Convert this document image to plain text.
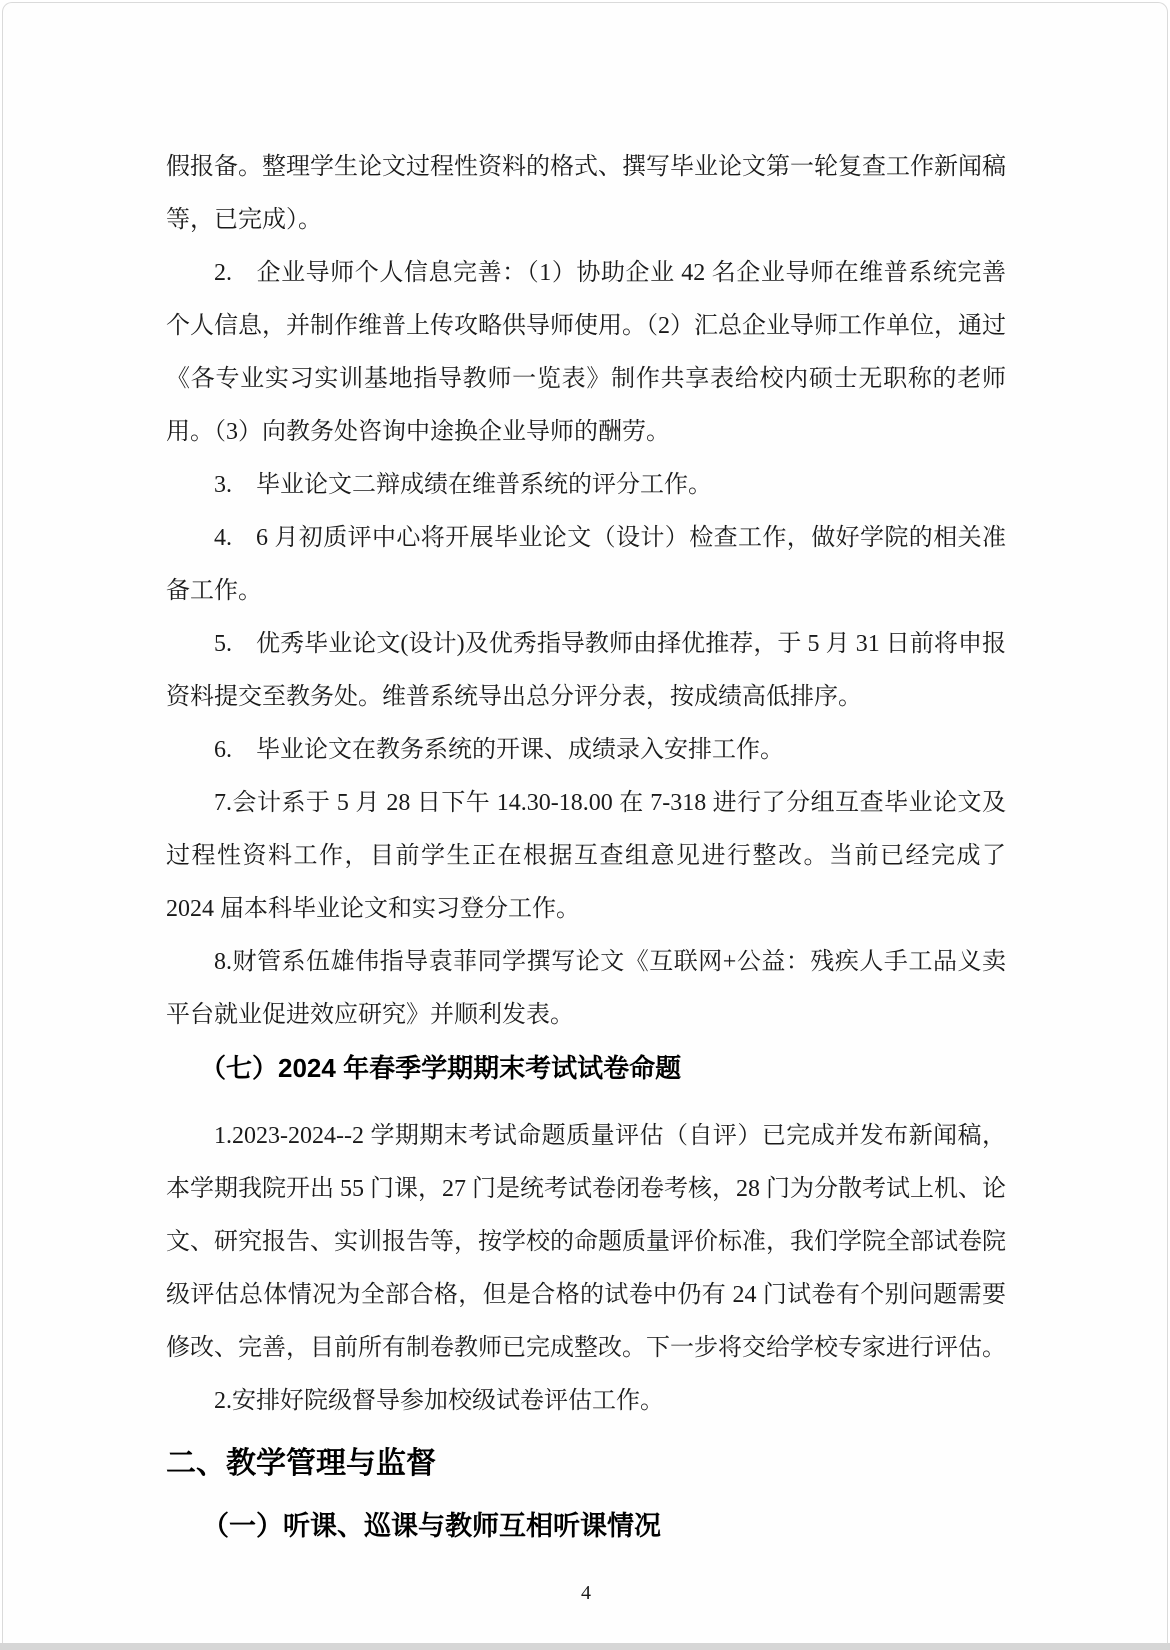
假报备。整理学生论文过程性资料的格式、撰写毕业论文第一轮复查工作新闻稿等，已完成）。

2. 企业导师个人信息完善：（1）协助企业 42 名企业导师在维普系统完善个人信息，并制作维普上传攻略供导师使用。（2）汇总企业导师工作单位，通过《各专业实习实训基地指导教师一览表》制作共享表给校内硕士无职称的老师用。（3）向教务处咨询中途换企业导师的酬劳。

3. 毕业论文二辩成绩在维普系统的评分工作。

4. 6 月初质评中心将开展毕业论文（设计）检查工作，做好学院的相关准备工作。

5. 优秀毕业论文(设计)及优秀指导教师由择优推荐，于 5 月 31 日前将申报资料提交至教务处。维普系统导出总分评分表，按成绩高低排序。

6. 毕业论文在教务系统的开课、成绩录入安排工作。

7.会计系于 5 月 28 日下午 14.30-18.00 在 7-318 进行了分组互查毕业论文及过程性资料工作，目前学生正在根据互查组意见进行整改。当前已经完成了 2024 届本科毕业论文和实习登分工作。

8.财管系伍雄伟指导袁菲同学撰写论文《互联网+公益：残疾人手工品义卖平台就业促进效应研究》并顺利发表。

（七）2024 年春季学期期末考试试卷命题

1.2023-2024--2 学期期末考试命题质量评估（自评）已完成并发布新闻稿，本学期我院开出 55 门课，27 门是统考试卷闭卷考核，28 门为分散考试上机、论文、研究报告、实训报告等，按学校的命题质量评价标准，我们学院全部试卷院级评估总体情况为全部合格，但是合格的试卷中仍有 24 门试卷有个别问题需要修改、完善，目前所有制卷教师已完成整改。下一步将交给学校专家进行评估。

2.安排好院级督导参加校级试卷评估工作。

二、教学管理与监督
（一）听课、巡课与教师互相听课情况
4
